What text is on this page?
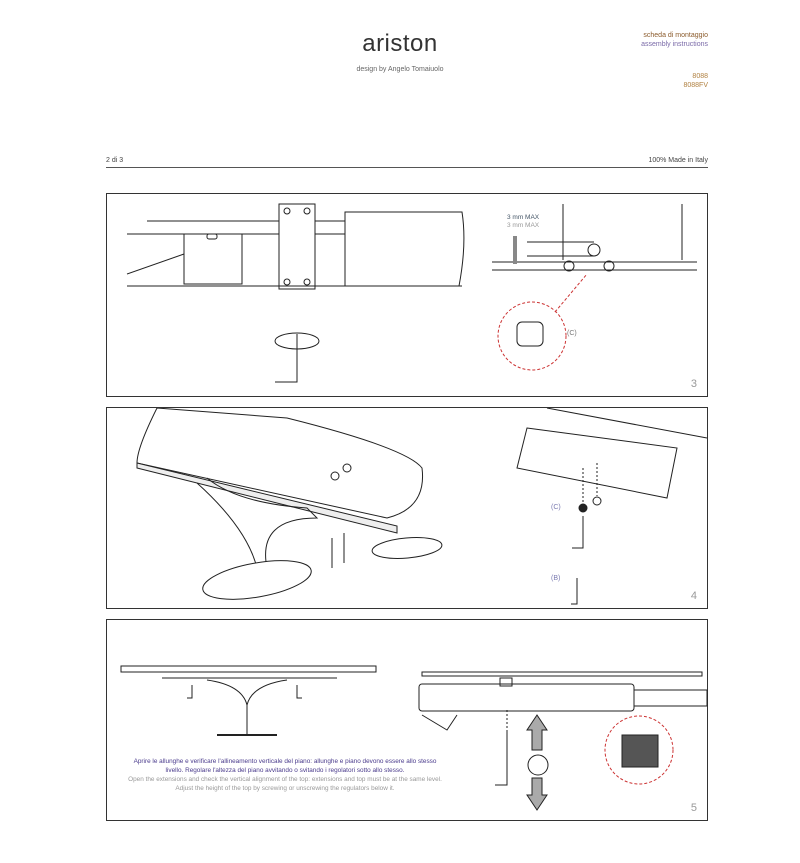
ariston
design by Angelo Tomaiuolo
scheda di montaggio
assembly instructions
8088
8088FV
2 di 3	100% Made in Italy
3 mm MAX
3 mm MAX
(C)
3
(C)
(B)
4
5
Aprire le allunghe e verificare l'allineamento verticale del piano: allunghe e piano devono essere allo stesso livello. Regolare l'altezza del piano avvitando o svitando i regolatori sotto allo stesso.
Open the extensions and check the vertical alignment of the top: extensions and top must be at the same level. Adjust the height of the top by screwing or unscrewing the regulators below it.
